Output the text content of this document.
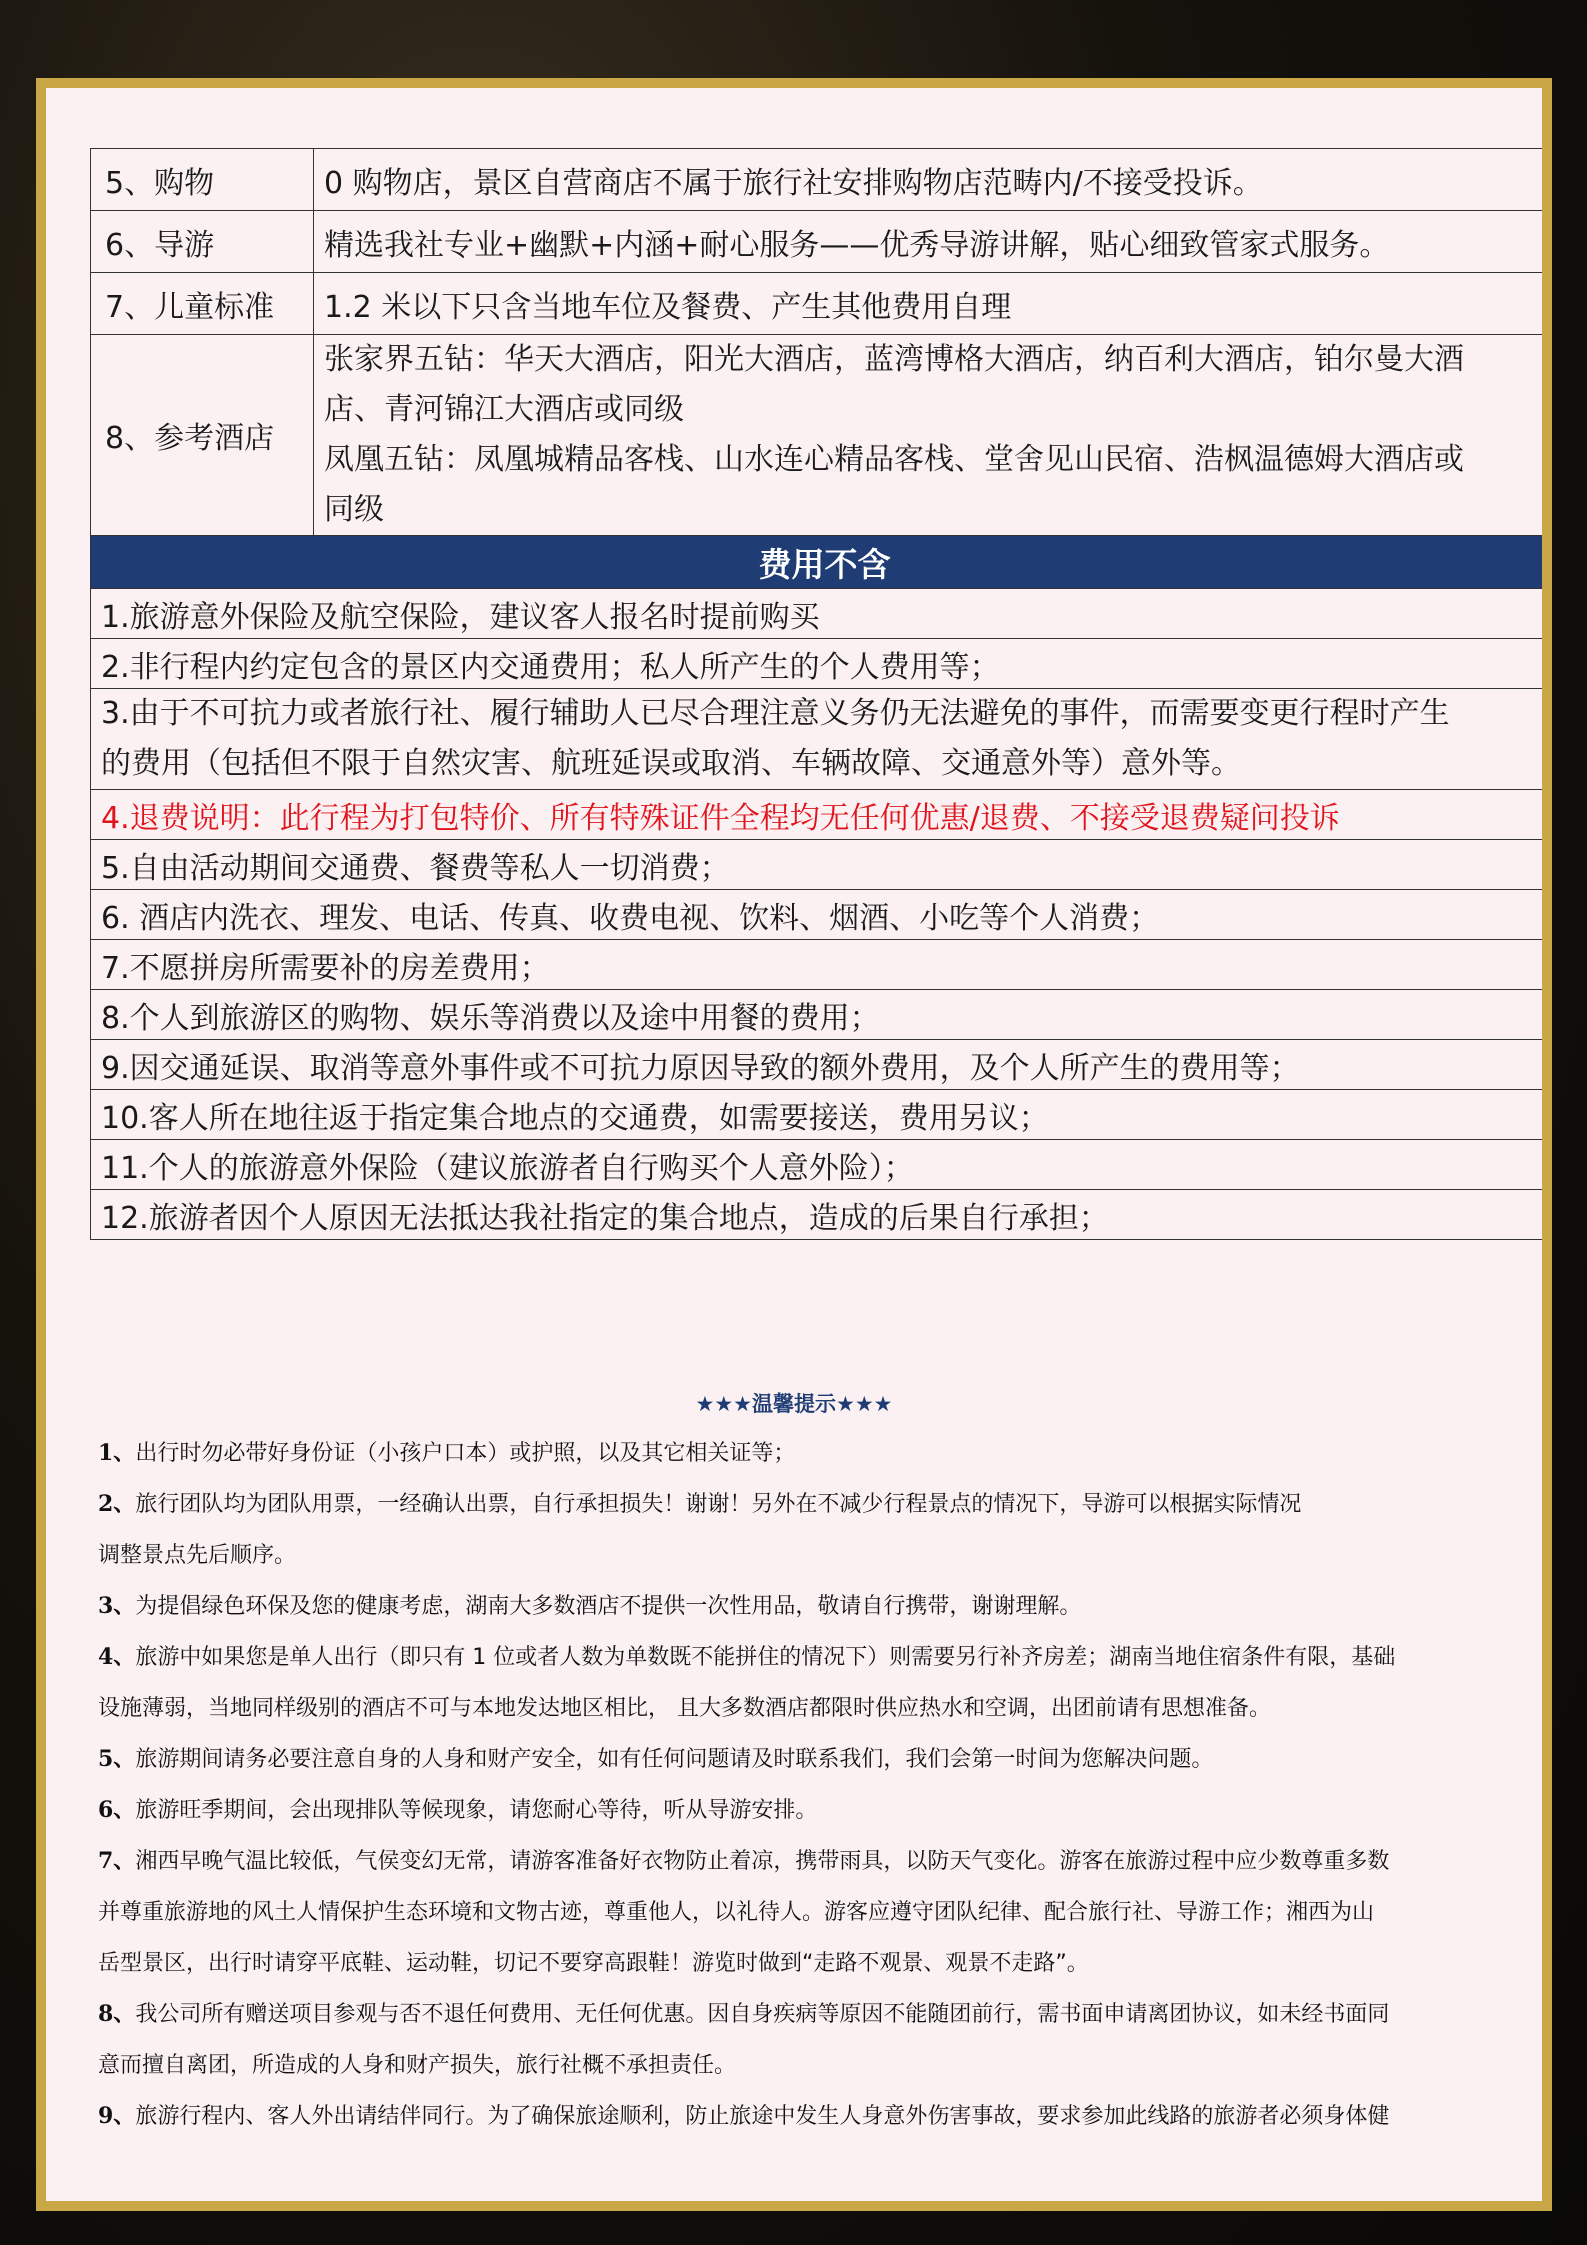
5、购物	0 购物店，景区自营商店不属于旅行社安排购物店范畴内/不接受投诉。
6、导游	精选我社专业+幽默+内涵+耐心服务——优秀导游讲解，贴心细致管家式服务。
7、儿童标准	1.2 米以下只含当地车位及餐费、产生其他费用自理
8、参考酒店	张家界五钻：华天大酒店，阳光大酒店，蓝湾博格大酒店，纳百利大酒店，铂尔曼大酒
店、青河锦江大酒店或同级
凤凰五钻：凤凰城精品客栈、山水连心精品客栈、堂舍见山民宿、浩枫温德姆大酒店或
同级

费用不含	
1.旅游意外保险及航空保险，建议客人报名时提前购买	
2.非行程内约定包含的景区内交通费用；私人所产生的个人费用等；	

3.由于不可抗力或者旅行社、履行辅助人已尽合理注意义务仍无法避免的事件，而需要变更行程时产生
的费用（包括但不限于自然灾害、航班延误或取消、车辆故障、交通意外等）意外等。	

4.退费说明：此行程为打包特价、所有特殊证件全程均无任何优惠/退费、不接受退费疑问投诉	
5.自由活动期间交通费、餐费等私人一切消费；	
6. 酒店内洗衣、理发、电话、传真、收费电视、饮料、烟酒、小吃等个人消费；	
7.不愿拼房所需要补的房差费用；	
8.个人到旅游区的购物、娱乐等消费以及途中用餐的费用；	
9.因交通延误、取消等意外事件或不可抗力原因导致的额外费用，及个人所产生的费用等；	
10.客人所在地往返于指定集合地点的交通费，如需要接送，费用另议；	
11.个人的旅游意外保险（建议旅游者自行购买个人意外险）；	
12.旅游者因个人原因无法抵达我社指定的集合地点，造成的后果自行承担；	
★★★温馨提示★★★

1、出行时勿必带好身份证（小孩户口本）或护照，以及其它相关证等；

2、旅行团队均为团队用票，一经确认出票，自行承担损失！谢谢！另外在不减少行程景点的情况下，导游可以根据实际情况

调整景点先后顺序。

3、为提倡绿色环保及您的健康考虑，湖南大多数酒店不提供一次性用品，敬请自行携带，谢谢理解。

4、旅游中如果您是单人出行（即只有 1 位或者人数为单数既不能拼住的情况下）则需要另行补齐房差；湖南当地住宿条件有限，基础

设施薄弱，当地同样级别的酒店不可与本地发达地区相比， 且大多数酒店都限时供应热水和空调，出团前请有思想准备。

5、旅游期间请务必要注意自身的人身和财产安全，如有任何问题请及时联系我们，我们会第一时间为您解决问题。

6、旅游旺季期间，会出现排队等候现象，请您耐心等待，听从导游安排。

7、湘西早晚气温比较低，气侯变幻无常，请游客准备好衣物防止着凉，携带雨具，以防天气变化。游客在旅游过程中应少数尊重多数

并尊重旅游地的风土人情保护生态环境和文物古迹，尊重他人，以礼待人。游客应遵守团队纪律、配合旅行社、导游工作；湘西为山

岳型景区，出行时请穿平底鞋、运动鞋，切记不要穿高跟鞋！游览时做到“走路不观景、观景不走路”。

8、我公司所有赠送项目参观与否不退任何费用、无任何优惠。因自身疾病等原因不能随团前行，需书面申请离团协议，如未经书面同

意而擅自离团，所造成的人身和财产损失，旅行社概不承担责任。

9、旅游行程内、客人外出请结伴同行。为了确保旅途顺利，防止旅途中发生人身意外伤害事故，要求参加此线路的旅游者必须身体健
